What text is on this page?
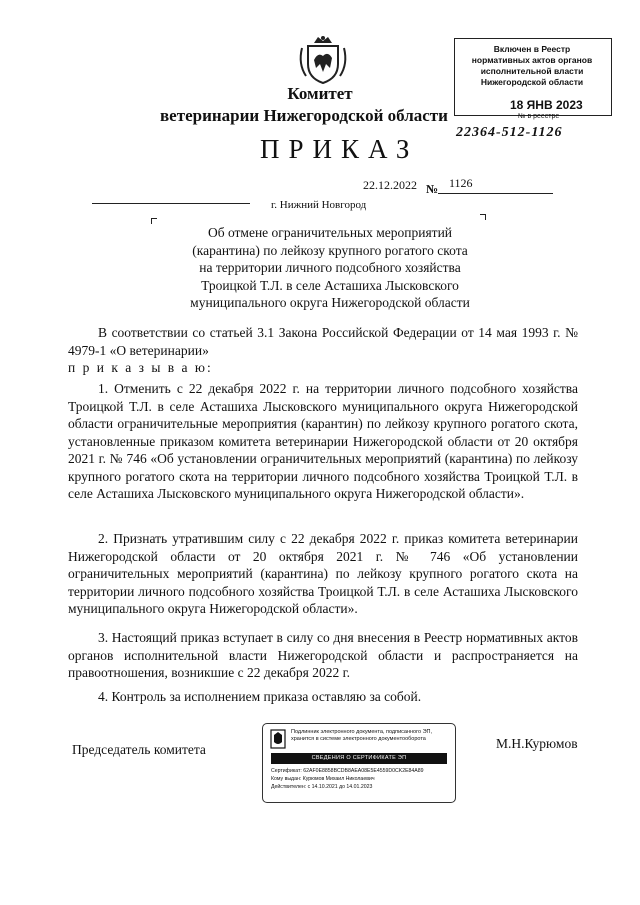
Комитет
ветеринарии Нижегородской области
ПРИКАЗ
Включен в Реестр
нормативных актов органов
исполнительной власти
Нижегородской области
18 ЯНВ 2023
№ в реестре
22364-512-1126
22.12.2022 № 1126
г. Нижний Новгород
Об отмене ограничительных мероприятий
(карантина) по лейкозу крупного рогатого скота
на территории личного подсобного хозяйства
Троицкой Т.Л. в селе Асташиха Лысковского
муниципального округа Нижегородской области
В соответствии со статьей 3.1 Закона Российской Федерации от 14 мая 1993 г. № 4979-1 «О ветеринарии»
п р и к а з ы в а ю:
1. Отменить с 22 декабря 2022 г. на территории личного подсобного хозяйства Троицкой Т.Л. в селе Асташиха Лысковского муниципального округа Нижегородской области ограничительные мероприятия (карантин) по лейкозу крупного рогатого скота, установленные приказом комитета ветеринарии Нижегородской области от 20 октября 2021 г. № 746 «Об установлении ограничительных мероприятий (карантина) по лейкозу крупного рогатого скота на территории личного подсобного хозяйства Троицкой Т.Л. в селе Асташиха Лысковского муниципального округа Нижегородской области».
2. Признать утратившим силу с 22 декабря 2022 г. приказ комитета ветеринарии Нижегородской области от 20 октября 2021 г. № 746 «Об установлении ограничительных мероприятий (карантина) по лейкозу крупного рогатого скота на территории личного подсобного хозяйства Троицкой Т.Л. в селе Асташиха Лысковского муниципального округа Нижегородской области».
3. Настоящий приказ вступает в силу со дня внесения в Реестр нормативных актов органов исполнительной власти Нижегородской области и распространяется на правоотношения, возникшие с 22 декабря 2022 г.
4. Контроль за исполнением приказа оставляю за собой.
Председатель комитета
Подлинник электронного документа, подписанного ЭП, хранится в системе электронного документооборота
СВЕДЕНИЯ О СЕРТИФИКАТЕ ЭП
Сертификат: 62AF0E8858BCDB8AEA08E5E4559D0CK2E84A89
Кому выдан: Курюмов Михаил Николаевич
Действителен: с 14.10.2021 до 14.01.2023
М.Н.Курюмов
